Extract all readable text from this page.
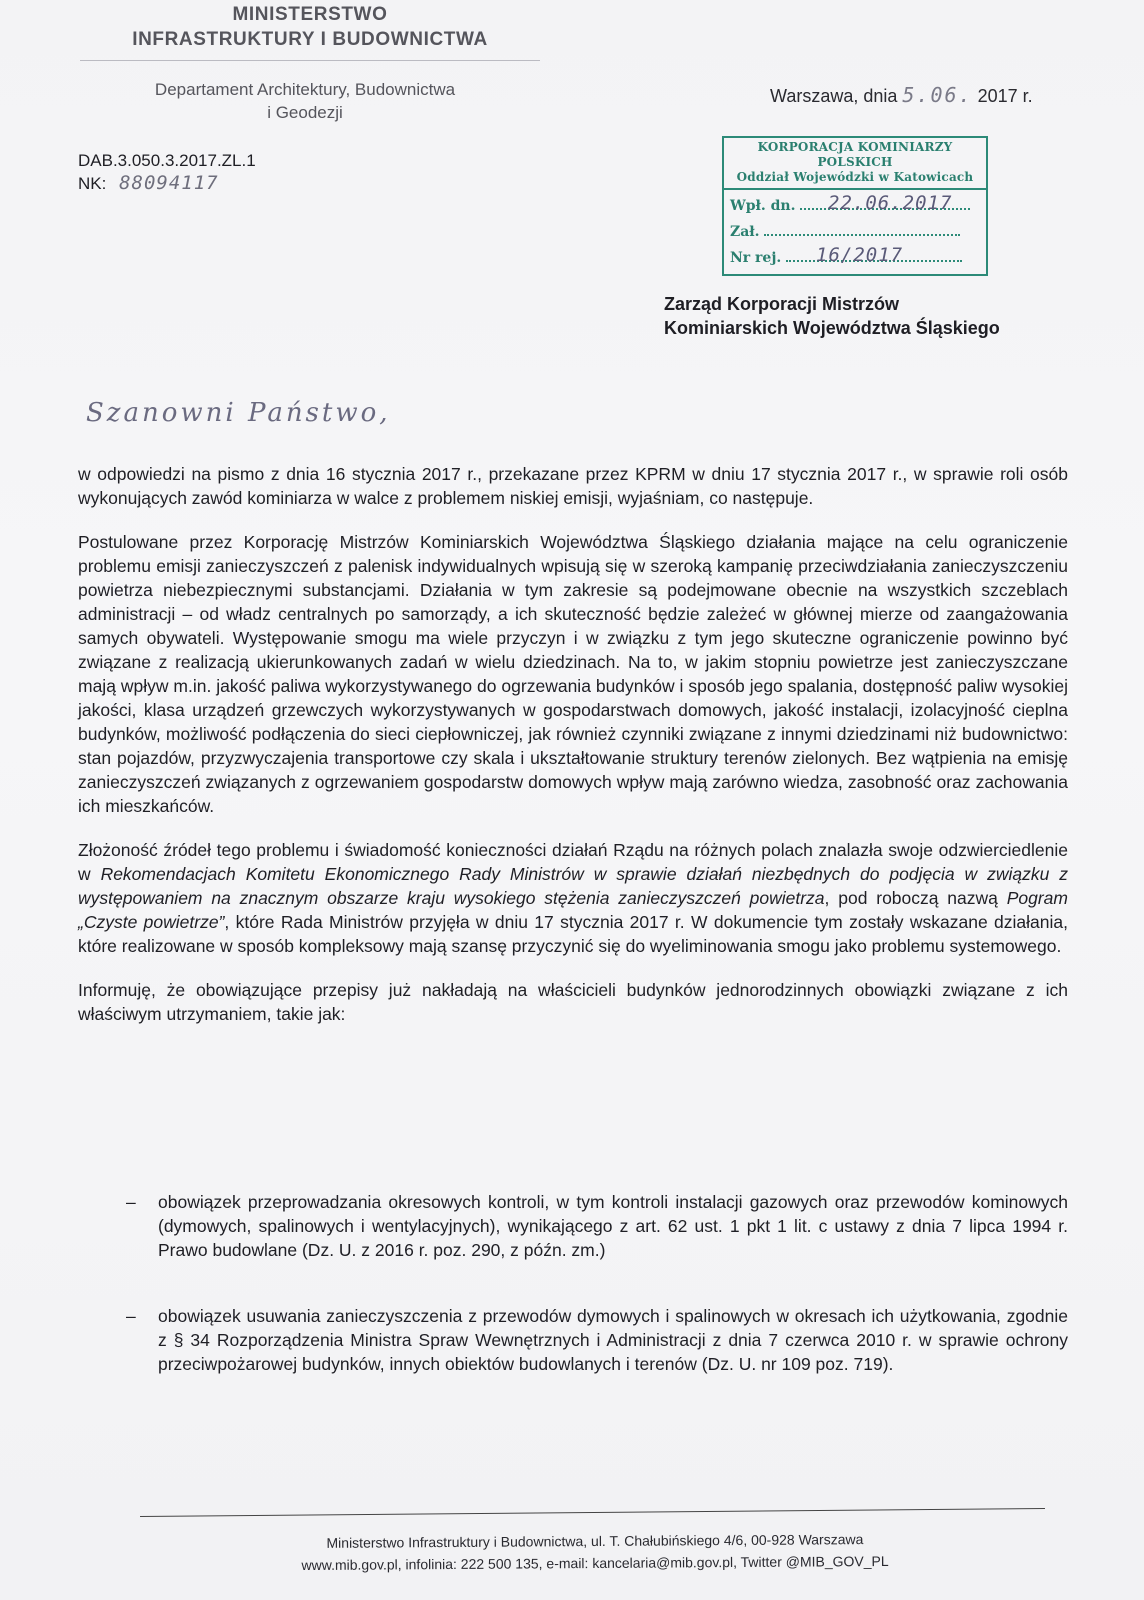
MINISTERSTWO
INFRASTRUKTURY I BUDOWNICTWA
Departament Architektury, Budownictwa
i Geodezji
Warszawa, dnia 5.06. 2017 r.
DAB.3.050.3.2017.ZL.1
NK: 88094117
KORPORACJA KOMINIARZY POLSKICH
Oddział Wojewódzki w Katowicach
Wpł. dn. 22.06.2017
Zał.
Nr rej. 16/2017
Zarząd Korporacji Mistrzów
Kominiarskich Województwa Śląskiego
Szanowni Państwo,

w odpowiedzi na pismo z dnia 16 stycznia 2017 r., przekazane przez KPRM w dniu 17 stycznia 2017 r., w sprawie roli osób wykonujących zawód kominiarza w walce z problemem niskiej emisji, wyjaśniam, co następuje.

Postulowane przez Korporację Mistrzów Kominiarskich Województwa Śląskiego działania mające na celu ograniczenie problemu emisji zanieczyszczeń z palenisk indywidualnych wpisują się w szeroką kampanię przeciwdziałania zanieczyszczeniu powietrza niebezpiecznymi substancjami. Działania w tym zakresie są podejmowane obecnie na wszystkich szczeblach administracji – od władz centralnych po samorządy, a ich skuteczność będzie zależeć w głównej mierze od zaangażowania samych obywateli. Występowanie smogu ma wiele przyczyn i w związku z tym jego skuteczne ograniczenie powinno być związane z realizacją ukierunkowanych zadań w wielu dziedzinach. Na to, w jakim stopniu powietrze jest zanieczyszczane mają wpływ m.in. jakość paliwa wykorzystywanego do ogrzewania budynków i sposób jego spalania, dostępność paliw wysokiej jakości, klasa urządzeń grzewczych wykorzystywanych w gospodarstwach domowych, jakość instalacji, izolacyjność cieplna budynków, możliwość podłączenia do sieci ciepłowniczej, jak również czynniki związane z innymi dziedzinami niż budownictwo: stan pojazdów, przyzwyczajenia transportowe czy skala i ukształtowanie struktury terenów zielonych. Bez wątpienia na emisję zanieczyszczeń związanych z ogrzewaniem gospodarstw domowych wpływ mają zarówno wiedza, zasobność oraz zachowania ich mieszkańców.

Złożoność źródeł tego problemu i świadomość konieczności działań Rządu na różnych polach znalazła swoje odzwierciedlenie w Rekomendacjach Komitetu Ekonomicznego Rady Ministrów w sprawie działań niezbędnych do podjęcia w związku z występowaniem na znacznym obszarze kraju wysokiego stężenia zanieczyszczeń powietrza, pod roboczą nazwą Pogram „Czyste powietrze”, które Rada Ministrów przyjęła w dniu 17 stycznia 2017 r. W dokumencie tym zostały wskazane działania, które realizowane w sposób kompleksowy mają szansę przyczynić się do wyeliminowania smogu jako problemu systemowego.

Informuję, że obowiązujące przepisy już nakładają na właścicieli budynków jednorodzinnych obowiązki związane z ich właściwym utrzymaniem, takie jak:

– obowiązek przeprowadzania okresowych kontroli, w tym kontroli instalacji gazowych oraz przewodów kominowych (dymowych, spalinowych i wentylacyjnych), wynikającego z art. 62 ust. 1 pkt 1 lit. c ustawy z dnia 7 lipca 1994 r. Prawo budowlane (Dz. U. z 2016 r. poz. 290, z późn. zm.)
– obowiązek usuwania zanieczyszczenia z przewodów dymowych i spalinowych w okresach ich użytkowania, zgodnie z § 34 Rozporządzenia Ministra Spraw Wewnętrznych i Administracji z dnia 7 czerwca 2010 r. w sprawie ochrony przeciwpożarowej budynków, innych obiektów budowlanych i terenów (Dz. U. nr 109 poz. 719).
Ministerstwo Infrastruktury i Budownictwa, ul. T. Chałubińskiego 4/6, 00-928 Warszawa
www.mib.gov.pl, infolinia: 222 500 135, e-mail: kancelaria@mib.gov.pl, Twitter @MIB_GOV_PL
